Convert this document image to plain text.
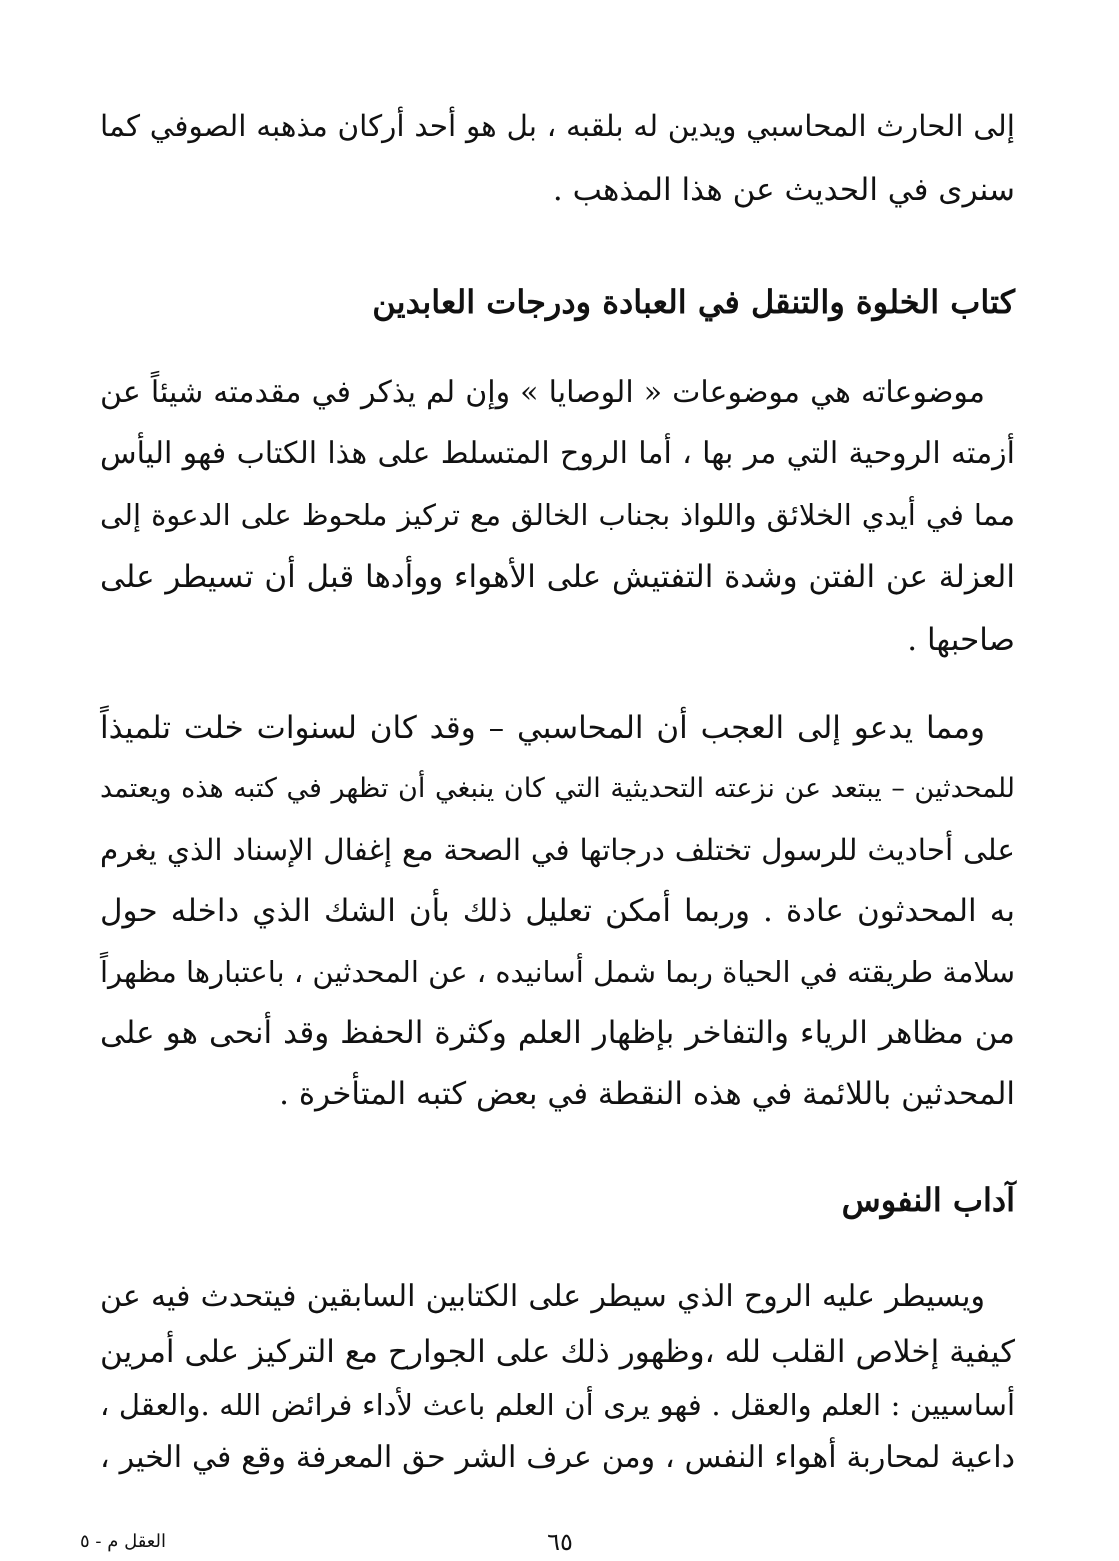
إلى الحارث المحاسبي ويدين له بلقبه ، بل هو أحد أركان مذهبه الصوفي كما
سنرى في الحديث عن هذا المذهب .
كتاب الخلوة والتنقل في العبادة ودرجات العابدين
موضوعاته هي موضوعات « الوصايا » وإن لم يذكر في مقدمته شيئاً عن
أزمته الروحية التي مر بها ، أما الروح المتسلط على هذا الكتاب فهو اليأس
مما في أيدي الخلائق واللواذ بجناب الخالق مع تركيز ملحوظ على الدعوة إلى
العزلة عن الفتن وشدة التفتيش على الأهواء ووأدها قبل أن تسيطر على
صاحبها .
ومما يدعو إلى العجب أن المحاسبي – وقد كان لسنوات خلت تلميذاً
للمحدثين – يبتعد عن نزعته التحديثية التي كان ينبغي أن تظهر في كتبه هذه ويعتمد
على أحاديث للرسول تختلف درجاتها في الصحة مع إغفال الإسناد الذي يغرم
به المحدثون عادة . وربما أمكن تعليل ذلك بأن الشك الذي داخله حول
سلامة طريقته في الحياة ربما شمل أسانيده ، عن المحدثين ، باعتبارها مظهراً
من مظاهر الرياء والتفاخر بإظهار العلم وكثرة الحفظ وقد أنحى هو على
المحدثين باللائمة في هذه النقطة في بعض كتبه المتأخرة .
آداب النفوس
ويسيطر عليه الروح الذي سيطر على الكتابين السابقين فيتحدث فيه عن
كيفية إخلاص القلب لله ،وظهور ذلك على الجوارح مع التركيز على أمرين
أساسيين : العلم والعقل . فهو يرى أن العلم باعث لأداء فرائض الله .والعقل ،
داعية لمحاربة أهواء النفس ، ومن عرف الشر حق المعرفة وقع في الخير ،
٦٥
العقل م - ٥
